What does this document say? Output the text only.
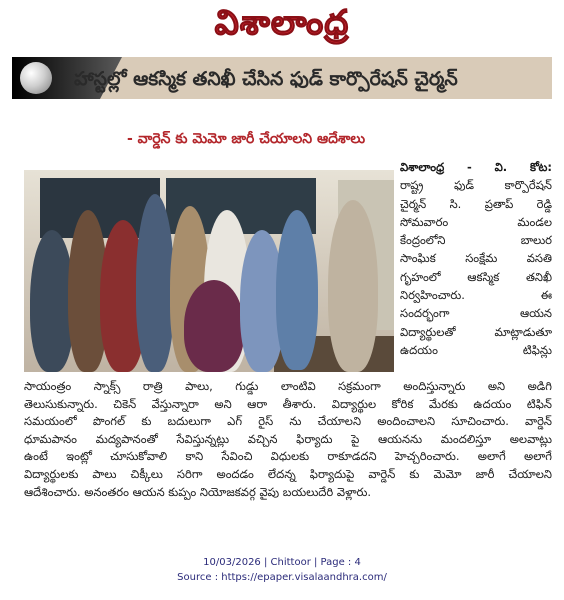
విశాలాంధ్ర
హాస్టల్లో ఆకస్మిక తనిఖీ చేసిన ఫుడ్ కార్పొరేషన్ చైర్మన్
- వార్డెన్ కు మెమో జారీ చేయాలని ఆదేశాలు
విశాలాంధ్ర - వి. కోట:
రాష్ట్ర ఫుడ్ కార్పొరేషన్
చైర్మన్ సి. ప్రతాప్ రెడ్డి
సోమవారం మండల
కేంద్రంలోని బాలుర
సాంఘిక సంక్షేమ వసతి
గృహంలో ఆకస్మిక తనిఖీ
నిర్వహించారు. ఈ
సందర్భంగా ఆయన
విద్యార్థులతో మాట్లాడుతూ
ఉదయం టిఫిన్లు
సాయంత్రం స్నాక్స్ రాత్రి పాలు, గుడ్డు లాంటివి సక్రమంగా అందిస్తున్నారు అని అడిగి
తెలుసుకున్నారు. చికెన్ వేస్తున్నారా అని ఆరా తీశారు. విద్యార్థుల కోరిక మేరకు ఉదయం టిఫిన్
సమయంలో పొంగల్ కు బదులుగా ఎగ్ రైస్ ను చేయాలని అందించాలని సూచించారు. వార్డెన్
ధూమపానం మద్యపానంతో సేవిస్తున్నట్లు వచ్చిన ఫిర్యాదు పై ఆయనను మందలిస్తూ అలవాట్లు
ఉంటే ఇంట్లో చూసుకోవాలి కాని సేవించి విధులకు రాకూడదని హెచ్చరించారు. అలాగే అలాగే
విద్యార్థులకు పాలు చిక్కీలు సరిగా అందడం లేదన్న ఫిర్యాదుపై వార్డెన్ కు మెమో జారీ చేయాలని
ఆదేశించారు. అనంతరం ఆయన కుప్పం నియోజకవర్గ వైపు బయలుదేరి వెళ్లారు.
10/03/2026 | Chittoor | Page : 4
Source : https://epaper.visalaandhra.com/
